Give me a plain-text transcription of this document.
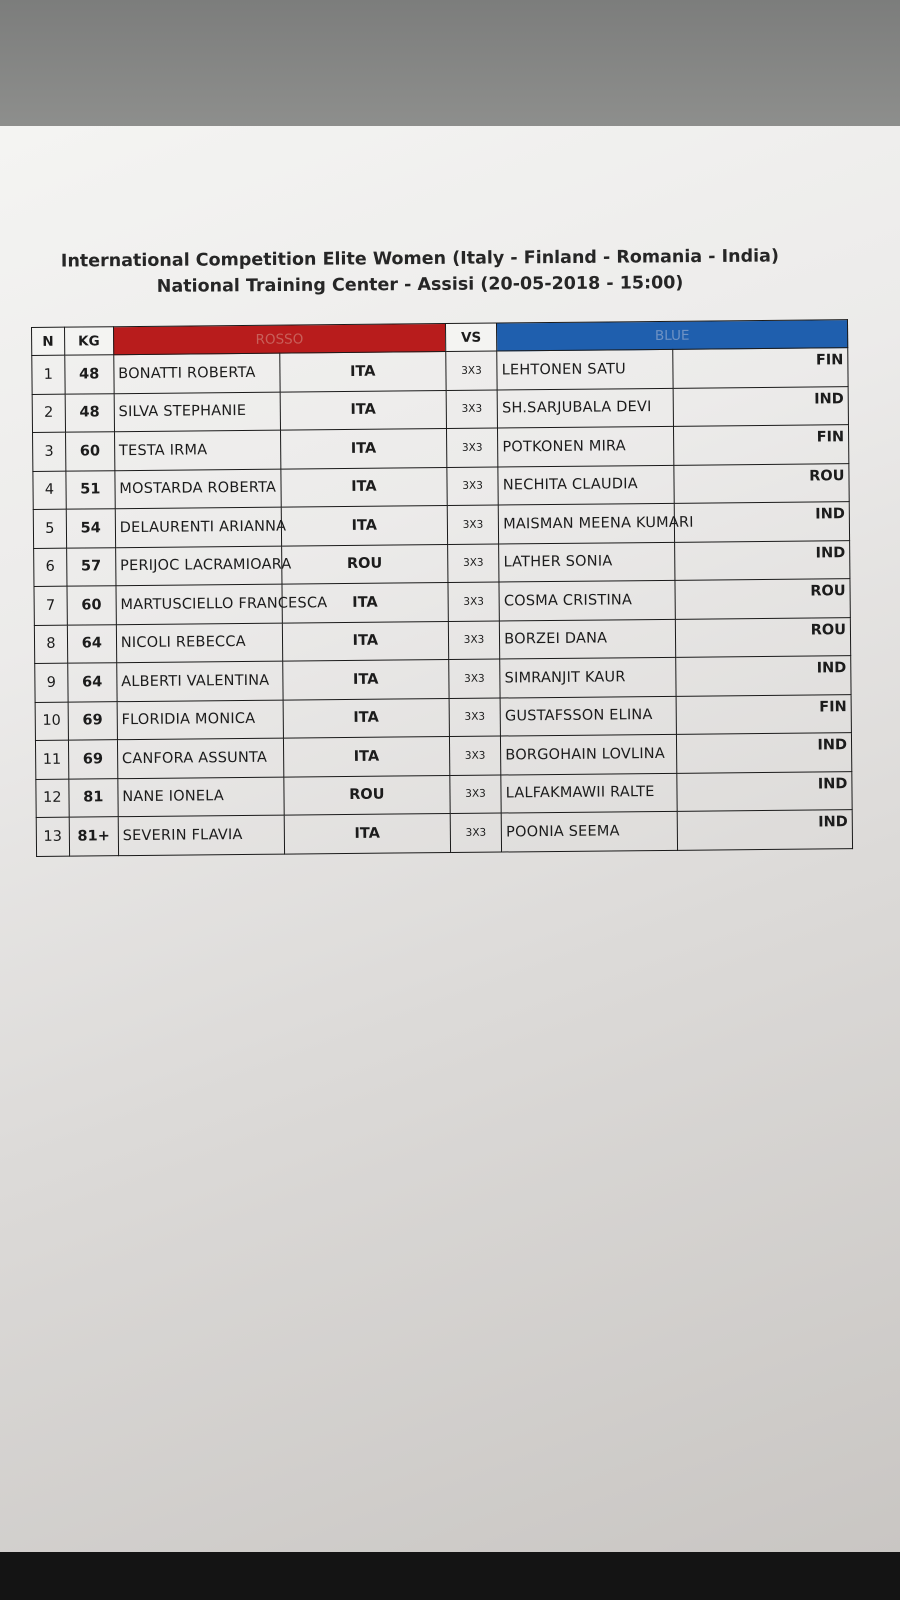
International Competition Elite Women (Italy - Finland - Romania - India)
National Training Center - Assisi (20-05-2018 - 15:00)
N	KG	ROSSO		VS	BLUE	
1	48	BONATTI ROBERTA	ITA	3X3	LEHTONEN SATU	FIN
2	48	SILVA STEPHANIE	ITA	3X3	SH.SARJUBALA DEVI	IND
3	60	TESTA IRMA	ITA	3X3	POTKONEN MIRA	FIN
4	51	MOSTARDA ROBERTA	ITA	3X3	NECHITA CLAUDIA	ROU
5	54	DELAURENTI ARIANNA	ITA	3X3	MAISMAN MEENA KUMARI	IND
6	57	PERIJOC LACRAMIOARA	ROU	3X3	LATHER SONIA	IND
7	60	MARTUSCIELLO FRANCESCA	ITA	3X3	COSMA CRISTINA	ROU
8	64	NICOLI REBECCA	ITA	3X3	BORZEI DANA	ROU
9	64	ALBERTI VALENTINA	ITA	3X3	SIMRANJIT KAUR	IND
10	69	FLORIDIA MONICA	ITA	3X3	GUSTAFSSON ELINA	FIN
11	69	CANFORA ASSUNTA	ITA	3X3	BORGOHAIN LOVLINA	IND
12	81	NANE IONELA	ROU	3X3	LALFAKMAWII RALTE	IND
13	81+	SEVERIN FLAVIA	ITA	3X3	POONIA SEEMA	IND
